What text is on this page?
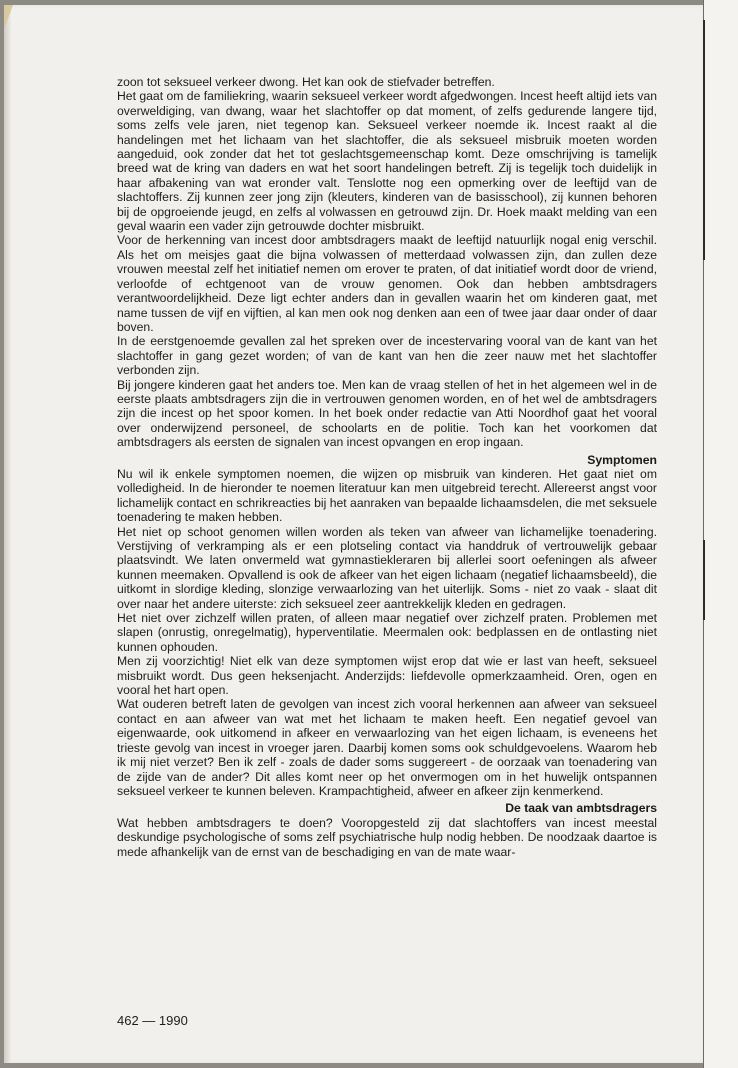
zoon tot seksueel verkeer dwong. Het kan ook de stiefvader betreffen.

Het gaat om de familiekring, waarin seksueel verkeer wordt afgedwongen. Incest heeft altijd iets van overweldiging, van dwang, waar het slachtoffer op dat moment, of zelfs gedurende langere tijd, soms zelfs vele jaren, niet tegenop kan. Seksueel verkeer noemde ik. Incest raakt al die handelingen met het lichaam van het slachtoffer, die als seksueel misbruik moeten worden aangeduid, ook zonder dat het tot geslachtsgemeenschap komt. Deze omschrijving is tamelijk breed wat de kring van daders en wat het soort handelingen betreft. Zij is tegelijk toch duidelijk in haar afbakening van wat eronder valt. Tenslotte nog een opmerking over de leeftijd van de slachtoffers. Zij kunnen zeer jong zijn (kleuters, kinderen van de basisschool), zij kunnen behoren bij de opgroeiende jeugd, en zelfs al volwassen en getrouwd zijn. Dr. Hoek maakt melding van een geval waarin een vader zijn getrouwde dochter misbruikt.

Voor de herkenning van incest door ambtsdragers maakt de leeftijd natuurlijk nogal enig verschil. Als het om meisjes gaat die bijna volwassen of metterdaad volwassen zijn, dan zullen deze vrouwen meestal zelf het initiatief nemen om erover te praten, of dat initiatief wordt door de vriend, verloofde of echtgenoot van de vrouw genomen. Ook dan hebben ambtsdragers verantwoordelijkheid. Deze ligt echter anders dan in gevallen waarin het om kinderen gaat, met name tussen de vijf en vijftien, al kan men ook nog denken aan een of twee jaar daar onder of daar boven.

In de eerstgenoemde gevallen zal het spreken over de incestervaring vooral van de kant van het slachtoffer in gang gezet worden; of van de kant van hen die zeer nauw met het slachtoffer verbonden zijn.

Bij jongere kinderen gaat het anders toe. Men kan de vraag stellen of het in het algemeen wel in de eerste plaats ambtsdragers zijn die in vertrouwen genomen worden, en of het wel de ambtsdragers zijn die incest op het spoor komen. In het boek onder redactie van Atti Noordhof gaat het vooral over onderwijzend personeel, de schoolarts en de politie. Toch kan het voorkomen dat ambtsdragers als eersten de signalen van incest opvangen en erop ingaan.

Symptomen

Nu wil ik enkele symptomen noemen, die wijzen op misbruik van kinderen. Het gaat niet om volledigheid. In de hieronder te noemen literatuur kan men uitgebreid terecht. Allereerst angst voor lichamelijk contact en schrikreacties bij het aanraken van bepaalde lichaamsdelen, die met seksuele toenadering te maken hebben.

Het niet op schoot genomen willen worden als teken van afweer van lichamelijke toenadering. Verstijving of verkramping als er een plotseling contact via handdruk of vertrouwelijk gebaar plaatsvindt. We laten onvermeld wat gymnastiekleraren bij allerlei soort oefeningen als afweer kunnen meemaken. Opvallend is ook de afkeer van het eigen lichaam (negatief lichaamsbeeld), die uitkomt in slordige kleding, slonzige verwaarlozing van het uiterlijk. Soms - niet zo vaak - slaat dit over naar het andere uiterste: zich seksueel zeer aantrekkelijk kleden en gedragen.

Het niet over zichzelf willen praten, of alleen maar negatief over zichzelf praten. Problemen met slapen (onrustig, onregelmatig), hyperventilatie. Meermalen ook: bedplassen en de ontlasting niet kunnen ophouden.

Men zij voorzichtig! Niet elk van deze symptomen wijst erop dat wie er last van heeft, seksueel misbruikt wordt. Dus geen heksenjacht. Anderzijds: liefdevolle opmerkzaamheid. Oren, ogen en vooral het hart open.

Wat ouderen betreft laten de gevolgen van incest zich vooral herkennen aan afweer van seksueel contact en aan afweer van wat met het lichaam te maken heeft. Een negatief gevoel van eigenwaarde, ook uitkomend in afkeer en verwaarlozing van het eigen lichaam, is eveneens het trieste gevolg van incest in vroeger jaren. Daarbij komen soms ook schuldgevoelens. Waarom heb ik mij niet verzet? Ben ik zelf - zoals de dader soms suggereert - de oorzaak van toenadering van de zijde van de ander? Dit alles komt neer op het onvermogen om in het huwelijk ontspannen seksueel verkeer te kunnen beleven. Krampachtigheid, afweer en afkeer zijn kenmerkend.

De taak van ambtsdragers

Wat hebben ambtsdragers te doen? Vooropgesteld zij dat slachtoffers van incest meestal deskundige psychologische of soms zelf psychiatrische hulp nodig hebben. De noodzaak daartoe is mede afhankelijk van de ernst van de beschadiging en van de mate waar-

462 — 1990
